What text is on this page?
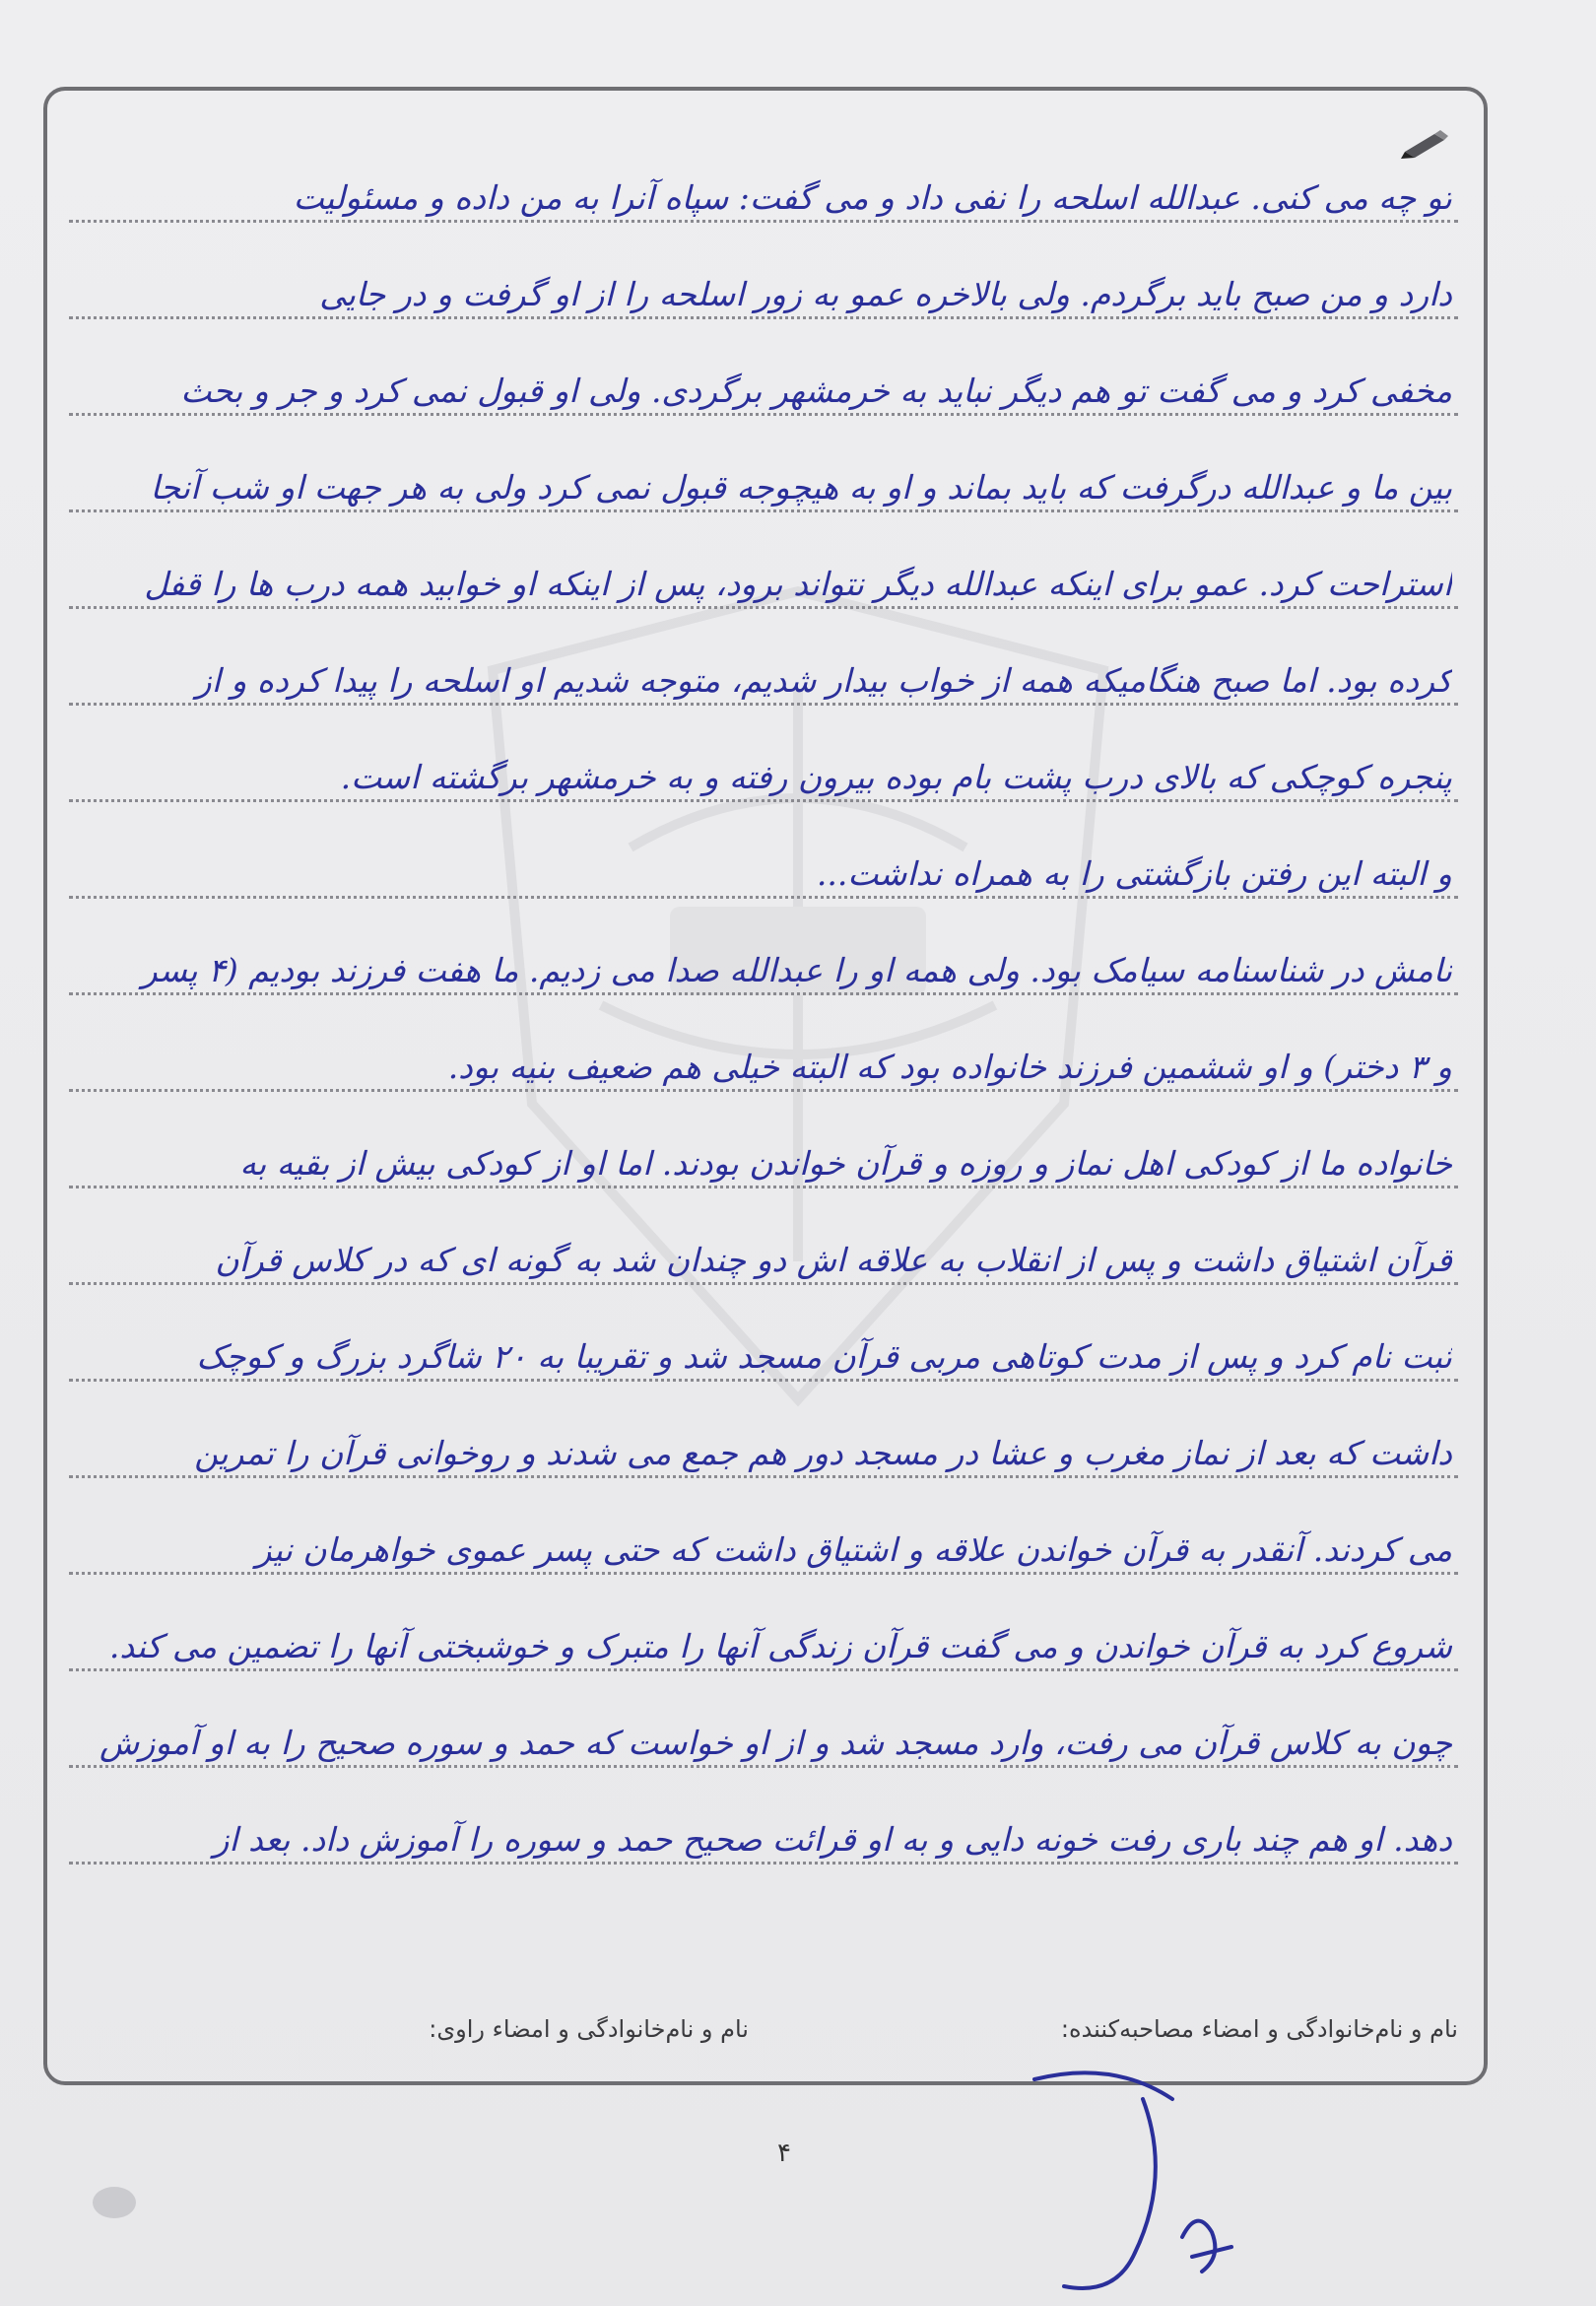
تو چه می کنی. عبدالله اسلحه را نفی داد و می گفت: سپاه آنرا به من داده و مسئولیت
دارد و من صبح باید برگردم. ولی بالاخره عمو به زور اسلحه را از او گرفت و در جایی
مخفی کرد و می گفت تو هم دیگر نباید به خرمشهر برگردی. ولی او قبول نمی کرد و جر و بحث
بین ما و عبدالله درگرفت که باید بماند و او به هیچوجه قبول نمی کرد ولی به هر جهت او شب آنجا
استراحت کرد. عمو برای اینکه عبدالله دیگر نتواند برود، پس از اینکه او خوابید همه درب ها را قفل
کرده بود. اما صبح هنگامیکه همه از خواب بیدار شدیم، متوجه شدیم او اسلحه را پیدا کرده و از
پنجره کوچکی که بالای درب پشت بام بوده بیرون رفته و به خرمشهر برگشته است.
و البته این رفتن بازگشتی را به همراه نداشت...
نامش در شناسنامه سیامک بود. ولی همه او را عبدالله صدا می زدیم. ما هفت فرزند بودیم (۴ پسر
و ۳ دختر) و او ششمین فرزند خانواده بود که البته خیلی هم ضعیف بنیه بود.
خانواده ما از کودکی اهل نماز و روزه و قرآن خواندن بودند. اما او از کودکی بیش از بقیه به
قرآن اشتیاق داشت و پس از انقلاب به علاقه اش دو چندان شد به گونه ای که در کلاس قرآن
ثبت نام کرد و پس از مدت کوتاهی مربی قرآن مسجد شد و تقریبا به ۲۰ شاگرد بزرگ و کوچک
داشت که بعد از نماز مغرب و عشا در مسجد دور هم جمع می شدند و روخوانی قرآن را تمرین
می کردند. آنقدر به قرآن خواندن علاقه و اشتیاق داشت که حتی پسر عموی خواهرمان نیز
شروع کرد به قرآن خواندن و می گفت قرآن زندگی آنها را متبرک و خوشبختی آنها را تضمین می کند.
چون به کلاس قرآن می رفت، وارد مسجد شد و از او خواست که حمد و سوره صحیح را به او آموزش
دهد. او هم چند باری رفت خونه دایی و به او قرائت صحیح حمد و سوره را آموزش داد. بعد از
نام و نام‌خانوادگی و امضاء مصاحبه‌کننده:
نام و نام‌خانوادگی و امضاء راوی:
۴
